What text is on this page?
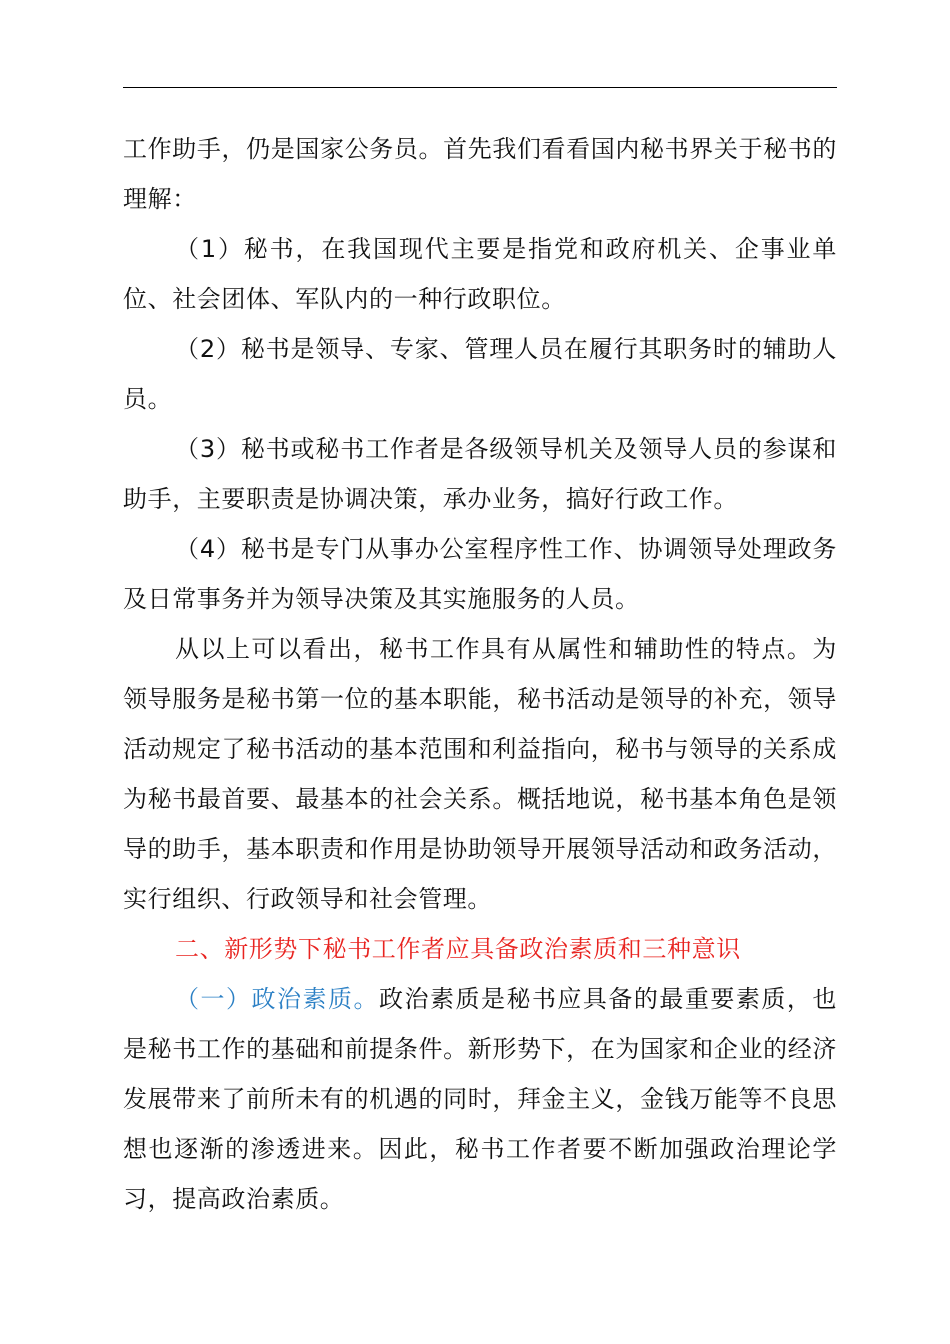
工作助手，仍是国家公务员。首先我们看看国内秘书界关于秘书的理解：

（1）秘书，在我国现代主要是指党和政府机关、企事业单位、社会团体、军队内的一种行政职位。

（2）秘书是领导、专家、管理人员在履行其职务时的辅助人员。

（3）秘书或秘书工作者是各级领导机关及领导人员的参谋和助手，主要职责是协调决策，承办业务，搞好行政工作。

（4）秘书是专门从事办公室程序性工作、协调领导处理政务及日常事务并为领导决策及其实施服务的人员。

从以上可以看出，秘书工作具有从属性和辅助性的特点。为领导服务是秘书第一位的基本职能，秘书活动是领导的补充，领导活动规定了秘书活动的基本范围和利益指向，秘书与领导的关系成为秘书最首要、最基本的社会关系。概括地说，秘书基本角色是领导的助手，基本职责和作用是协助领导开展领导活动和政务活动，实行组织、行政领导和社会管理。

二、新形势下秘书工作者应具备政治素质和三种意识

（一）政治素质。政治素质是秘书应具备的最重要素质，也是秘书工作的基础和前提条件。新形势下，在为国家和企业的经济发展带来了前所未有的机遇的同时，拜金主义，金钱万能等不良思想也逐渐的渗透进来。因此，秘书工作者要不断加强政治理论学习，提高政治素质。
